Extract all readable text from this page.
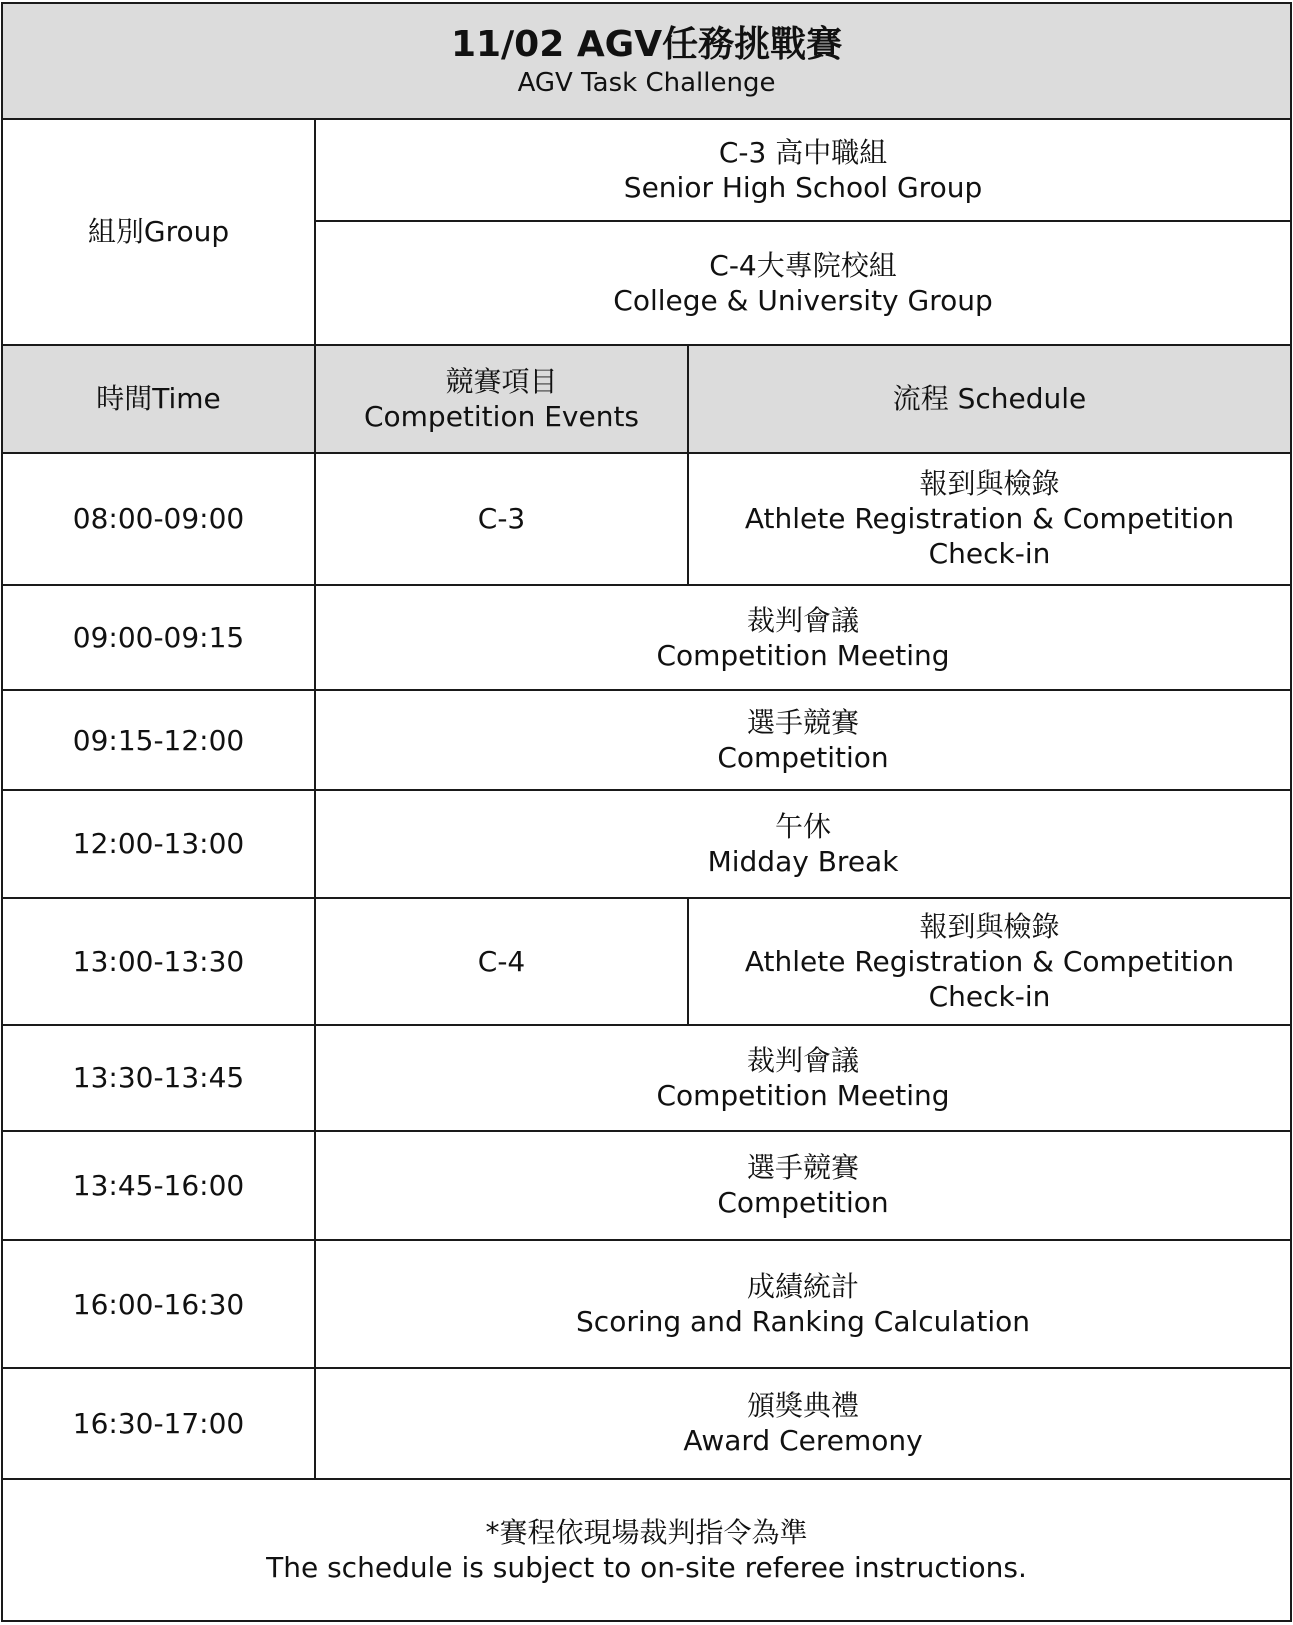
11/02 AGV任務挑戰賽
AGV Task Challenge		

組別Group	C-3 高中職組
Senior High School Group	

	C-4大專院校組
College & University Group	

時間Time	競賽項目
Competition Events	流程 Schedule
08:00-09:00	C-3	報到與檢錄
Athlete Registration & Competition Check-in

09:00-09:15	裁判會議
Competition Meeting	

09:15-12:00	選手競賽
Competition	

12:00-13:00	午休
Midday Break	

13:00-13:30	C-4	報到與檢錄
Athlete Registration & Competition Check-in

13:30-13:45	裁判會議
Competition Meeting	

13:45-16:00	選手競賽
Competition	

16:00-16:30	成績統計
Scoring and Ranking Calculation	

16:30-17:00	頒獎典禮
Award Ceremony	

*賽程依現場裁判指令為準
The schedule is subject to on-site referee instructions.		
